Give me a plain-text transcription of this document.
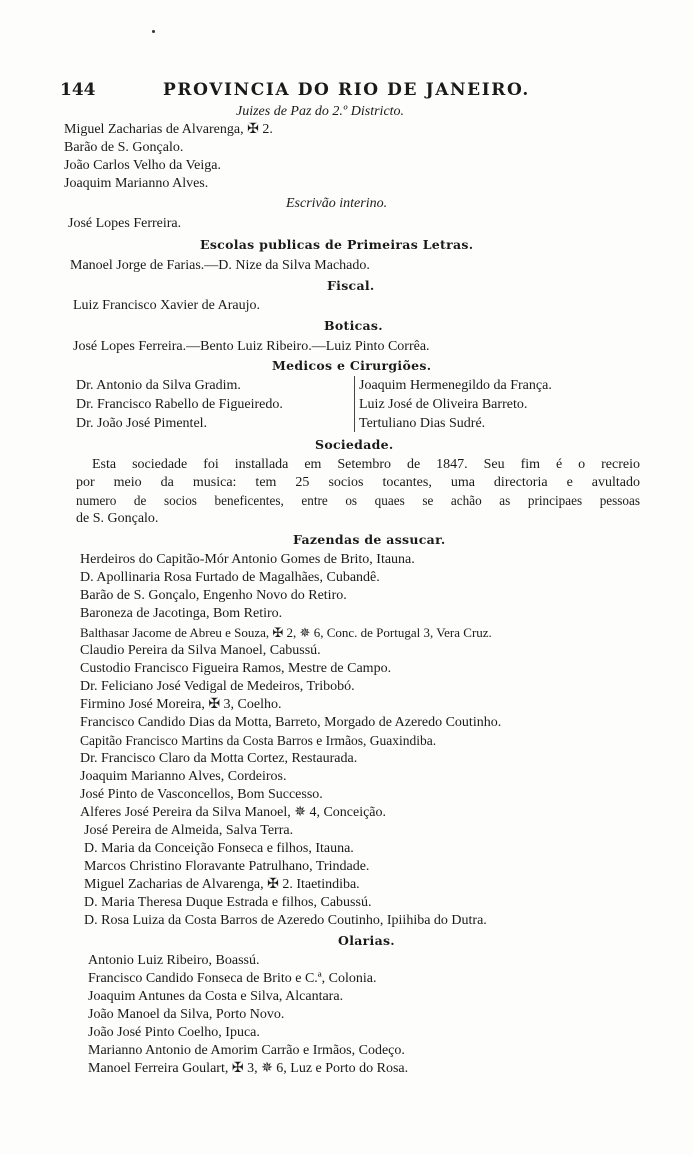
144	PROVINCIA DO RIO DE JANEIRO.
Juizes de Paz do 2.º Districto.
Miguel Zacharias de Alvarenga, ✠ 2.
Barão de S. Gonçalo.
João Carlos Velho da Veiga.
Joaquim Marianno Alves.
Escrivão interino.
José Lopes Ferreira.
Escolas publicas de Primeiras Letras.
Manoel Jorge de Farias.—D. Nize da Silva Machado.
Fiscal.
Luiz Francisco Xavier de Araujo.
Boticas.
José Lopes Ferreira.—Bento Luiz Ribeiro.—Luiz Pinto Corrêa.
Medicos e Cirurgiões.
Dr. Antonio da Silva Gradim.
Dr. Francisco Rabello de Figueiredo.
Dr. João José Pimentel.
Joaquim Hermenegildo da França.
Luiz José de Oliveira Barreto.
Tertuliano Dias Sudré.
Sociedade.
Esta sociedade foi installada em Setembro de 1847. Seu fim é o recreio
por meio da musica: tem 25 socios tocantes, uma directoria e avultado
numero de socios beneficentes, entre os quaes se achão as principaes pessoas
de S. Gonçalo.
Fazendas de assucar.
Herdeiros do Capitão-Mór Antonio Gomes de Brito, Itauna.
D. Apollinaria Rosa Furtado de Magalhães, Cubandê.
Barão de S. Gonçalo, Engenho Novo do Retiro.
Baroneza de Jacotinga, Bom Retiro.
Balthasar Jacome de Abreu e Souza, ✠ 2, ✵ 6, Conc. de Portugal 3, Vera Cruz.
Claudio Pereira da Silva Manoel, Cabussú.
Custodio Francisco Figueira Ramos, Mestre de Campo.
Dr. Feliciano José Vedigal de Medeiros, Tribobó.
Firmino José Moreira, ✠ 3, Coelho.
Francisco Candido Dias da Motta, Barreto, Morgado de Azeredo Coutinho.
Capitão Francisco Martins da Costa Barros e Irmãos, Guaxindiba.
Dr. Francisco Claro da Motta Cortez, Restaurada.
Joaquim Marianno Alves, Cordeiros.
José Pinto de Vasconcellos, Bom Successo.
Alferes José Pereira da Silva Manoel, ✵ 4, Conceição.
José Pereira de Almeida, Salva Terra.
D. Maria da Conceição Fonseca e filhos, Itauna.
Marcos Christino Floravante Patrulhano, Trindade.
Miguel Zacharias de Alvarenga, ✠ 2. Itaetindiba.
D. Maria Theresa Duque Estrada e filhos, Cabussú.
D. Rosa Luiza da Costa Barros de Azeredo Coutinho, Ipiihiba do Dutra.
Olarias.
Antonio Luiz Ribeiro, Boassú.
Francisco Candido Fonseca de Brito e C.ª, Colonia.
Joaquim Antunes da Costa e Silva, Alcantara.
João Manoel da Silva, Porto Novo.
João José Pinto Coelho, Ipuca.
Marianno Antonio de Amorim Carrão e Irmãos, Codeço.
Manoel Ferreira Goulart, ✠ 3, ✵ 6, Luz e Porto do Rosa.
